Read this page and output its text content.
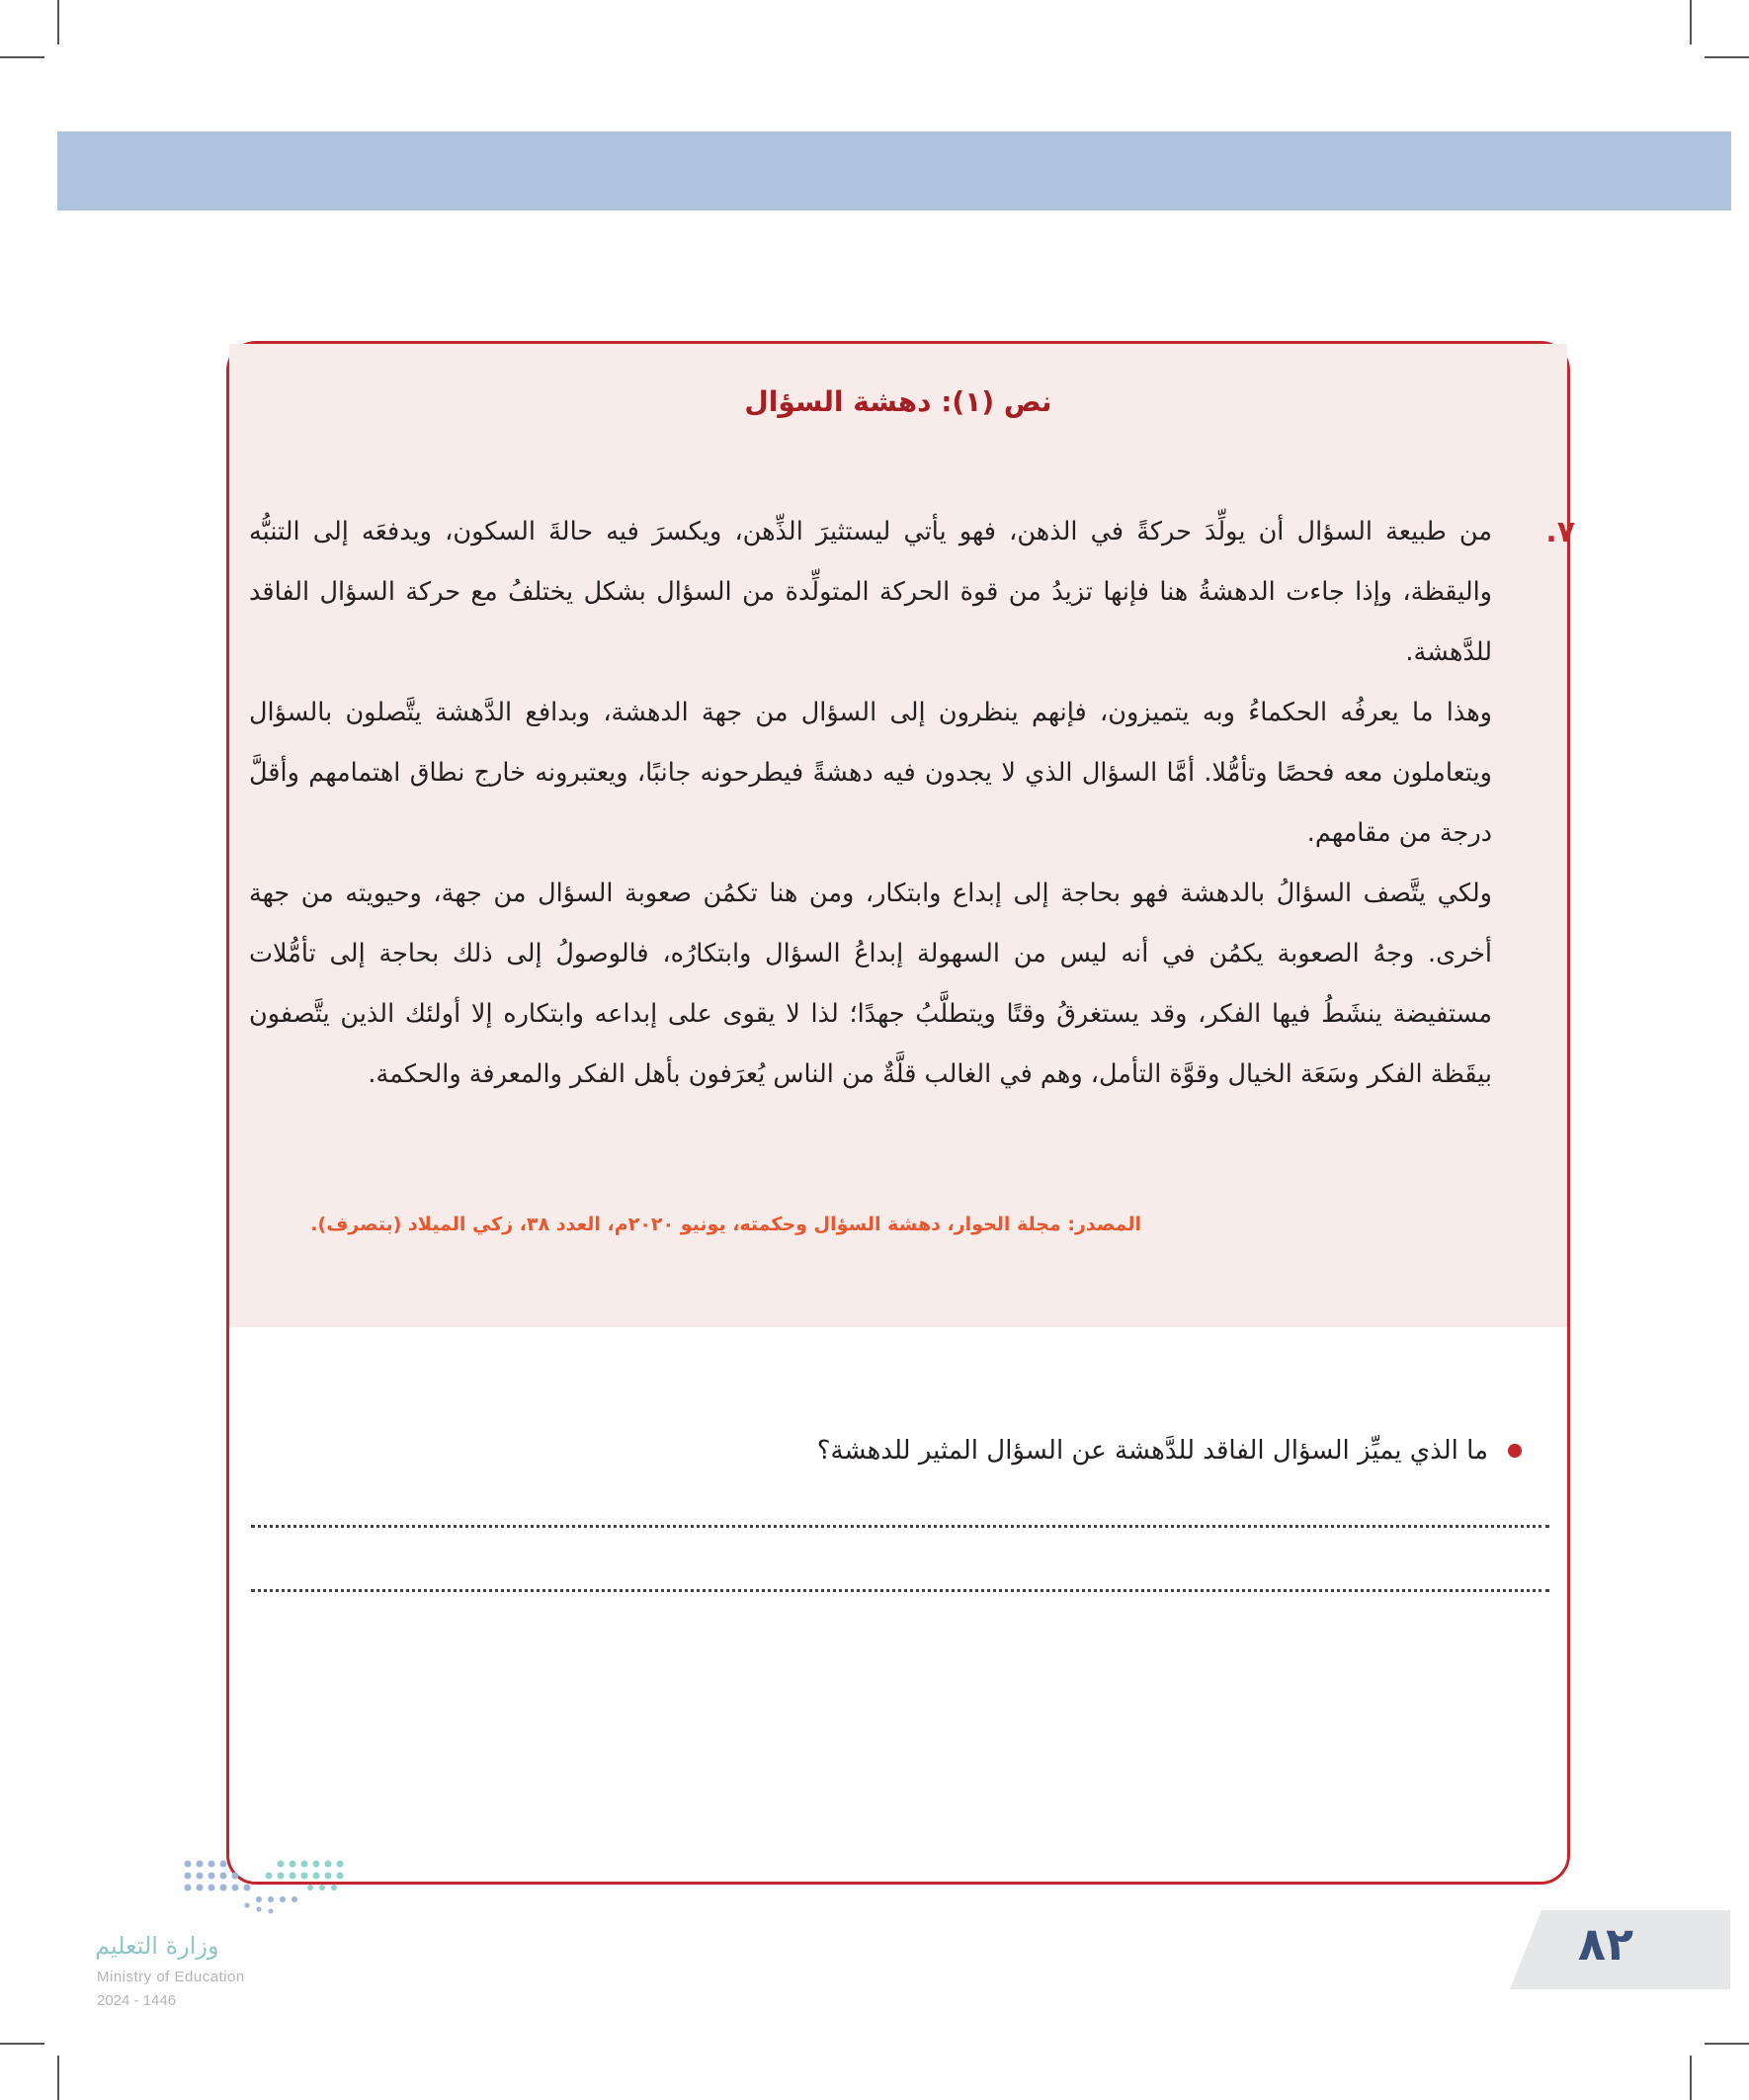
نص (١): دهشة السؤال

٧.
من طبيعة السؤال أن يولِّدَ حركةً في الذهن، فهو يأتي ليستثيرَ الذِّهن، ويكسرَ فيه حالةَ السكون، ويدفعَه إلى التنبُّه واليقظة، وإذا جاءت الدهشةُ هنا فإنها تزيدُ من قوة الحركة المتولِّدة من السؤال بشكل يختلفُ مع حركة السؤال الفاقد للدَّهشة.

وهذا ما يعرفُه الحكماءُ وبه يتميزون، فإنهم ينظرون إلى السؤال من جهة الدهشة، وبدافع الدَّهشة يتَّصلون بالسؤال ويتعاملون معه فحصًا وتأمُّلا. أمَّا السؤال الذي لا يجدون فيه دهشةً فيطرحونه جانبًا، ويعتبرونه خارج نطاق اهتمامهم وأقلَّ درجة من مقامهم.

ولكي يتَّصف السؤالُ بالدهشة فهو بحاجة إلى إبداع وابتكار، ومن هنا تكمُن صعوبة السؤال من جهة، وحيويته من جهة أخرى. وجهُ الصعوبة يكمُن في أنه ليس من السهولة إبداعُ السؤال وابتكارُه، فالوصولُ إلى ذلك بحاجة إلى تأمُّلات مستفيضة ينشَطُ فيها الفكر، وقد يستغرقُ وقتًا ويتطلَّبُ جهدًا؛ لذا لا يقوى على إبداعه وابتكاره إلا أولئك الذين يتَّصفون بيقَظة الفكر وسَعَة الخيال وقوَّة التأمل، وهم في الغالب قلَّةٌ من الناس يُعرَفون بأهل الفكر والمعرفة والحكمة.

المصدر: مجلة الحوار، دهشة السؤال وحكمته، يونيو ٢٠٢٠م، العدد ٣٨، زكي الميلاد (بتصرف).
ما الذي يميِّز السؤال الفاقد للدَّهشة عن السؤال المثير للدهشة؟
وزارة التعليم
Ministry of Education
2024 - 1446
٨٢
